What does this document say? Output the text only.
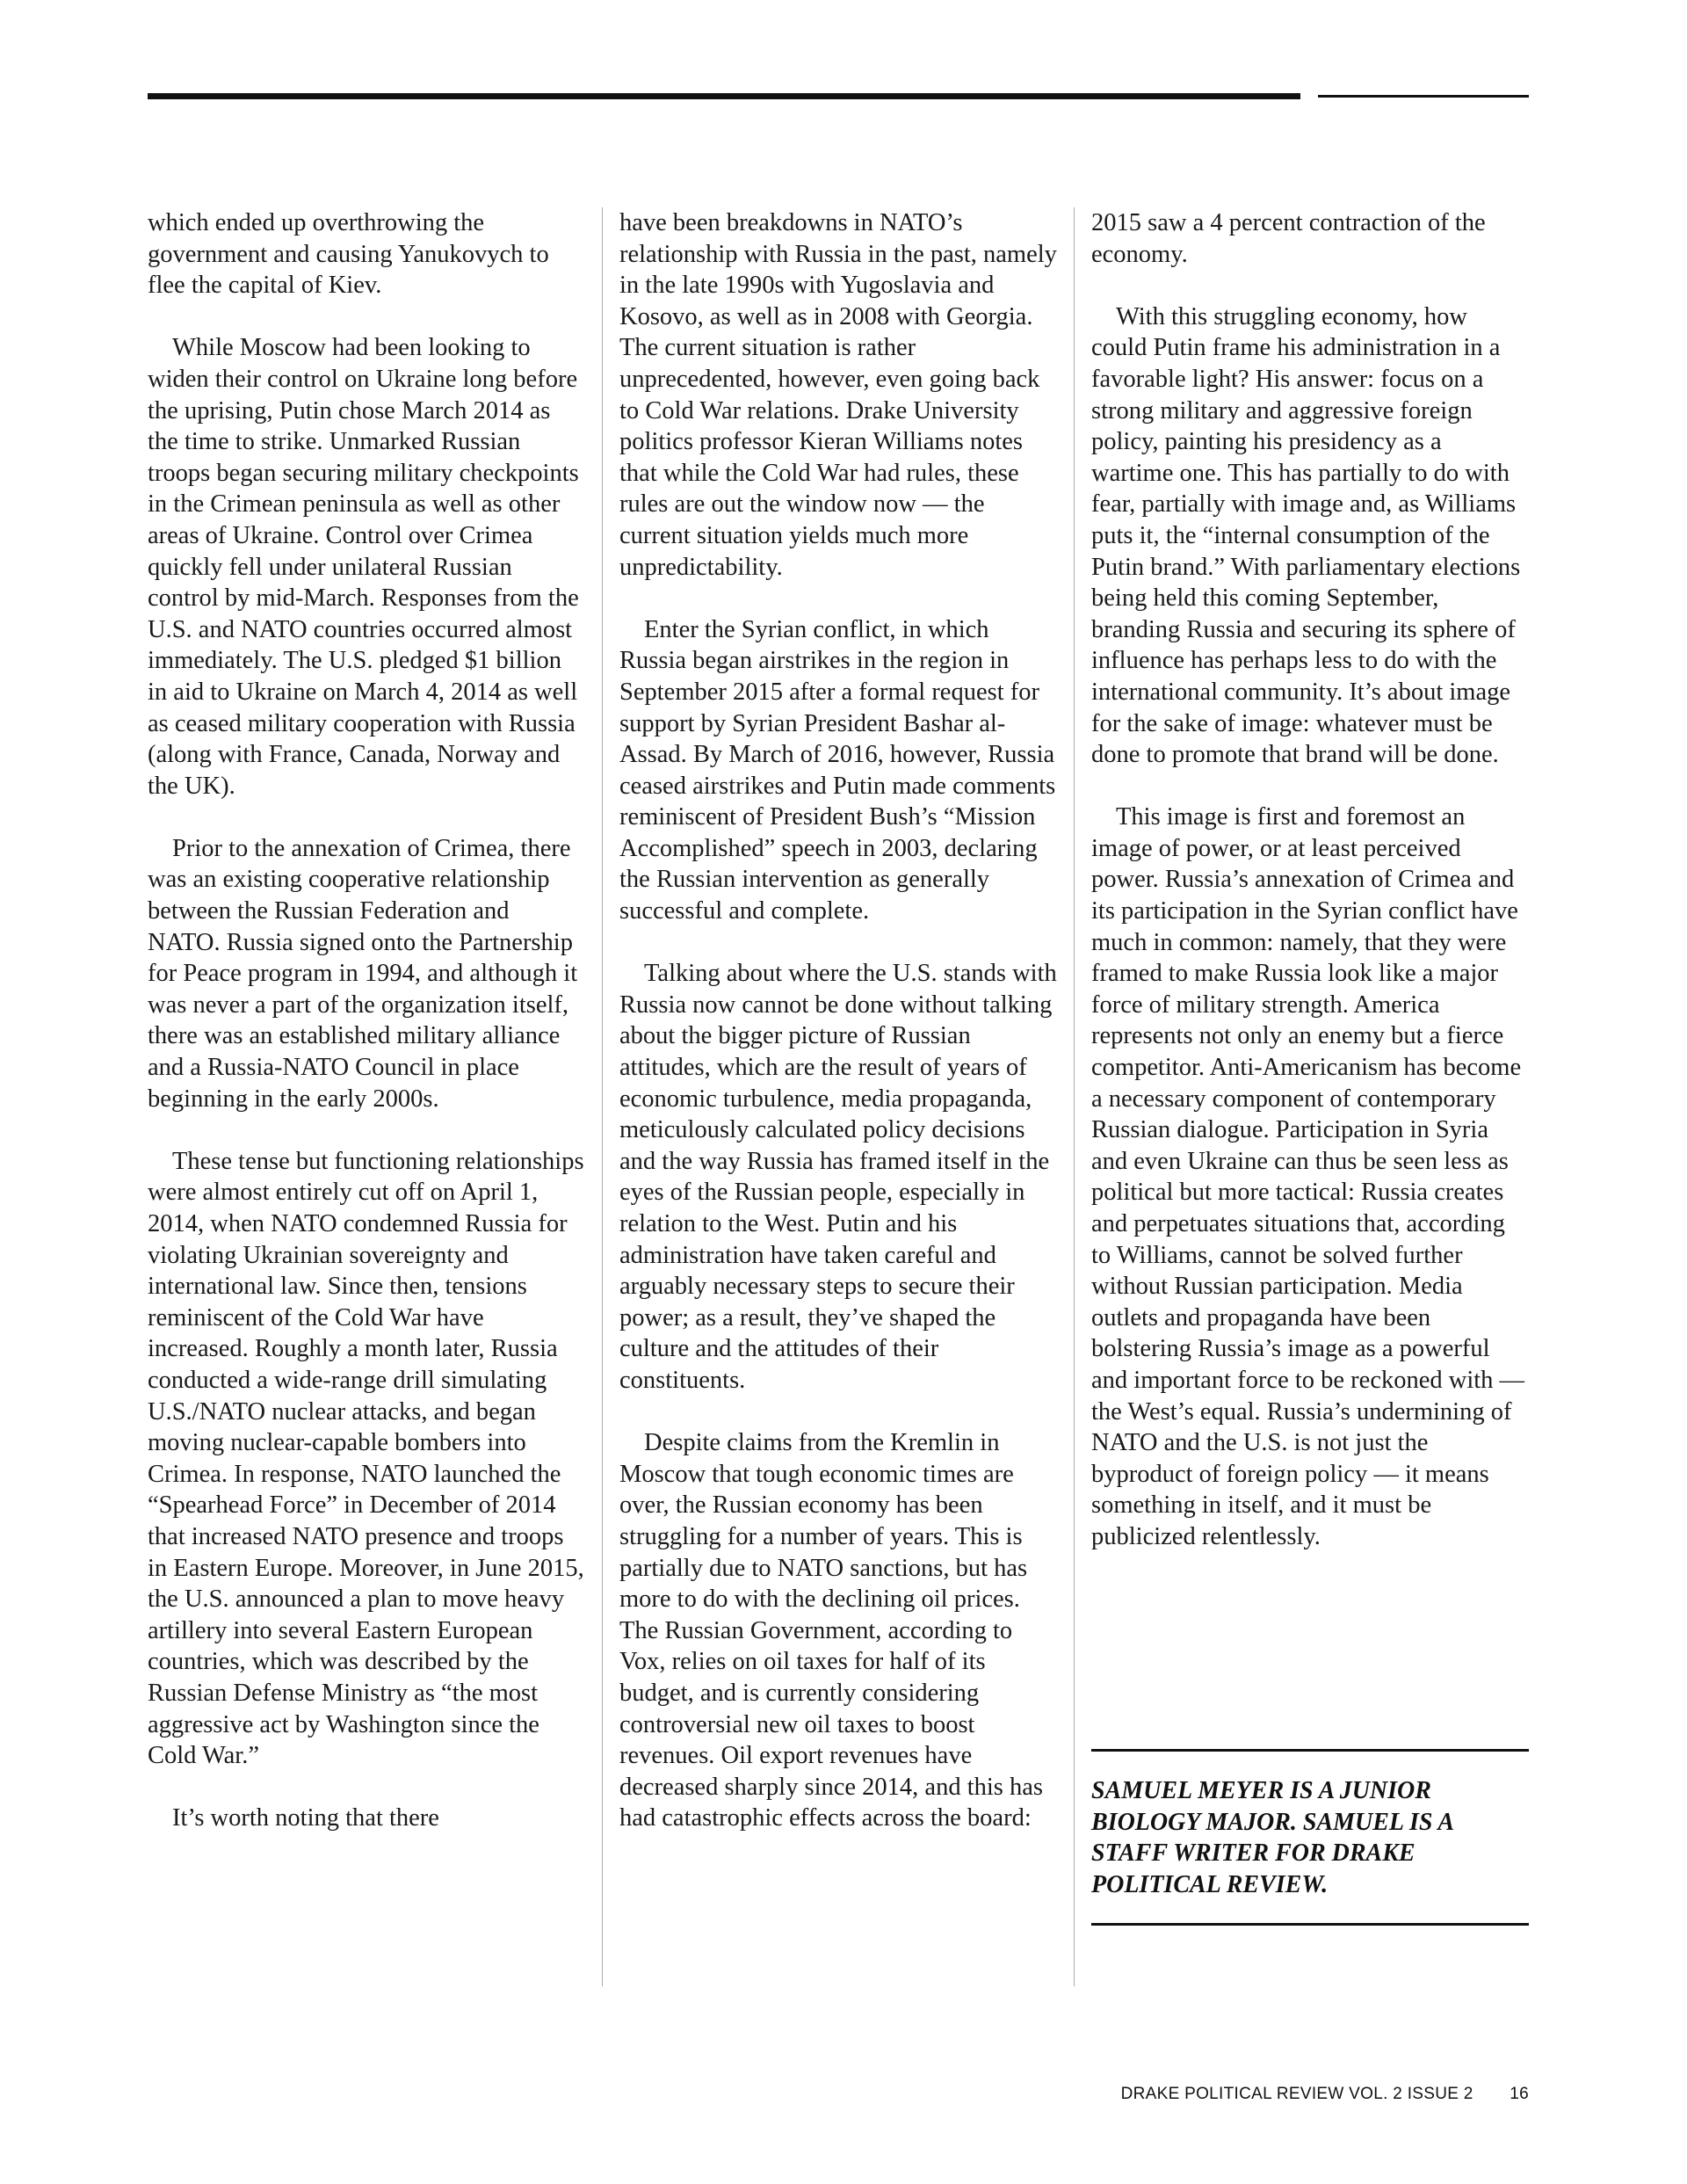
which ended up overthrowing the government and causing Yanukovych to flee the capital of Kiev.

While Moscow had been looking to widen their control on Ukraine long before the uprising, Putin chose March 2014 as the time to strike. Unmarked Russian troops began securing military checkpoints in the Crimean peninsula as well as other areas of Ukraine. Control over Crimea quickly fell under unilateral Russian control by mid-March. Responses from the U.S. and NATO countries occurred almost immediately. The U.S. pledged $1 billion in aid to Ukraine on March 4, 2014 as well as ceased military cooperation with Russia (along with France, Canada, Norway and the UK).

Prior to the annexation of Crimea, there was an existing cooperative relationship between the Russian Federation and NATO. Russia signed onto the Partnership for Peace program in 1994, and although it was never a part of the organization itself, there was an established military alliance and a Russia-NATO Council in place beginning in the early 2000s.

These tense but functioning relationships were almost entirely cut off on April 1, 2014, when NATO condemned Russia for violating Ukrainian sovereignty and international law. Since then, tensions reminiscent of the Cold War have increased. Roughly a month later, Russia conducted a wide-range drill simulating U.S./NATO nuclear attacks, and began moving nuclear-capable bombers into Crimea. In response, NATO launched the “Spearhead Force” in December of 2014 that increased NATO presence and troops in Eastern Europe. Moreover, in June 2015, the U.S. announced a plan to move heavy artillery into several Eastern European countries, which was described by the Russian Defense Ministry as “the most aggressive act by Washington since the Cold War.”

It’s worth noting that there

have been breakdowns in NATO’s relationship with Russia in the past, namely in the late 1990s with Yugoslavia and Kosovo, as well as in 2008 with Georgia. The current situation is rather unprecedented, however, even going back to Cold War relations. Drake University politics professor Kieran Williams notes that while the Cold War had rules, these rules are out the window now — the current situation yields much more unpredictability.

Enter the Syrian conflict, in which Russia began airstrikes in the region in September 2015 after a formal request for support by Syrian President Bashar al-Assad. By March of 2016, however, Russia ceased airstrikes and Putin made comments reminiscent of President Bush’s “Mission Accomplished” speech in 2003, declaring the Russian intervention as generally successful and complete.

Talking about where the U.S. stands with Russia now cannot be done without talking about the bigger picture of Russian attitudes, which are the result of years of economic turbulence, media propaganda, meticulously calculated policy decisions and the way Russia has framed itself in the eyes of the Russian people, especially in relation to the West. Putin and his administration have taken careful and arguably necessary steps to secure their power; as a result, they’ve shaped the culture and the attitudes of their constituents.

Despite claims from the Kremlin in Moscow that tough economic times are over, the Russian economy has been struggling for a number of years. This is partially due to NATO sanctions, but has more to do with the declining oil prices. The Russian Government, according to Vox, relies on oil taxes for half of its budget, and is currently considering controversial new oil taxes to boost revenues. Oil export revenues have decreased sharply since 2014, and this has had catastrophic effects across the board:

2015 saw a 4 percent contraction of the economy.

With this struggling economy, how could Putin frame his administration in a favorable light? His answer: focus on a strong military and aggressive foreign policy, painting his presidency as a wartime one. This has partially to do with fear, partially with image and, as Williams puts it, the “internal consumption of the Putin brand.” With parliamentary elections being held this coming September, branding Russia and securing its sphere of influence has perhaps less to do with the international community. It’s about image for the sake of image: whatever must be done to promote that brand will be done.

This image is first and foremost an image of power, or at least perceived power. Russia’s annexation of Crimea and its participation in the Syrian conflict have much in common: namely, that they were framed to make Russia look like a major force of military strength. America represents not only an enemy but a fierce competitor. Anti-Americanism has become a necessary component of contemporary Russian dialogue. Participation in Syria and even Ukraine can thus be seen less as political but more tactical: Russia creates and perpetuates situations that, according to Williams, cannot be solved further without Russian participation. Media outlets and propaganda have been bolstering Russia’s image as a powerful and important force to be reckoned with — the West’s equal. Russia’s undermining of NATO and the U.S. is not just the byproduct of foreign policy — it means something in itself, and it must be publicized relentlessly.

SAMUEL MEYER IS A JUNIOR BIOLOGY MAJOR. SAMUEL IS A STAFF WRITER FOR DRAKE POLITICAL REVIEW.
DRAKE POLITICAL REVIEW VOL. 2 ISSUE 2 16
